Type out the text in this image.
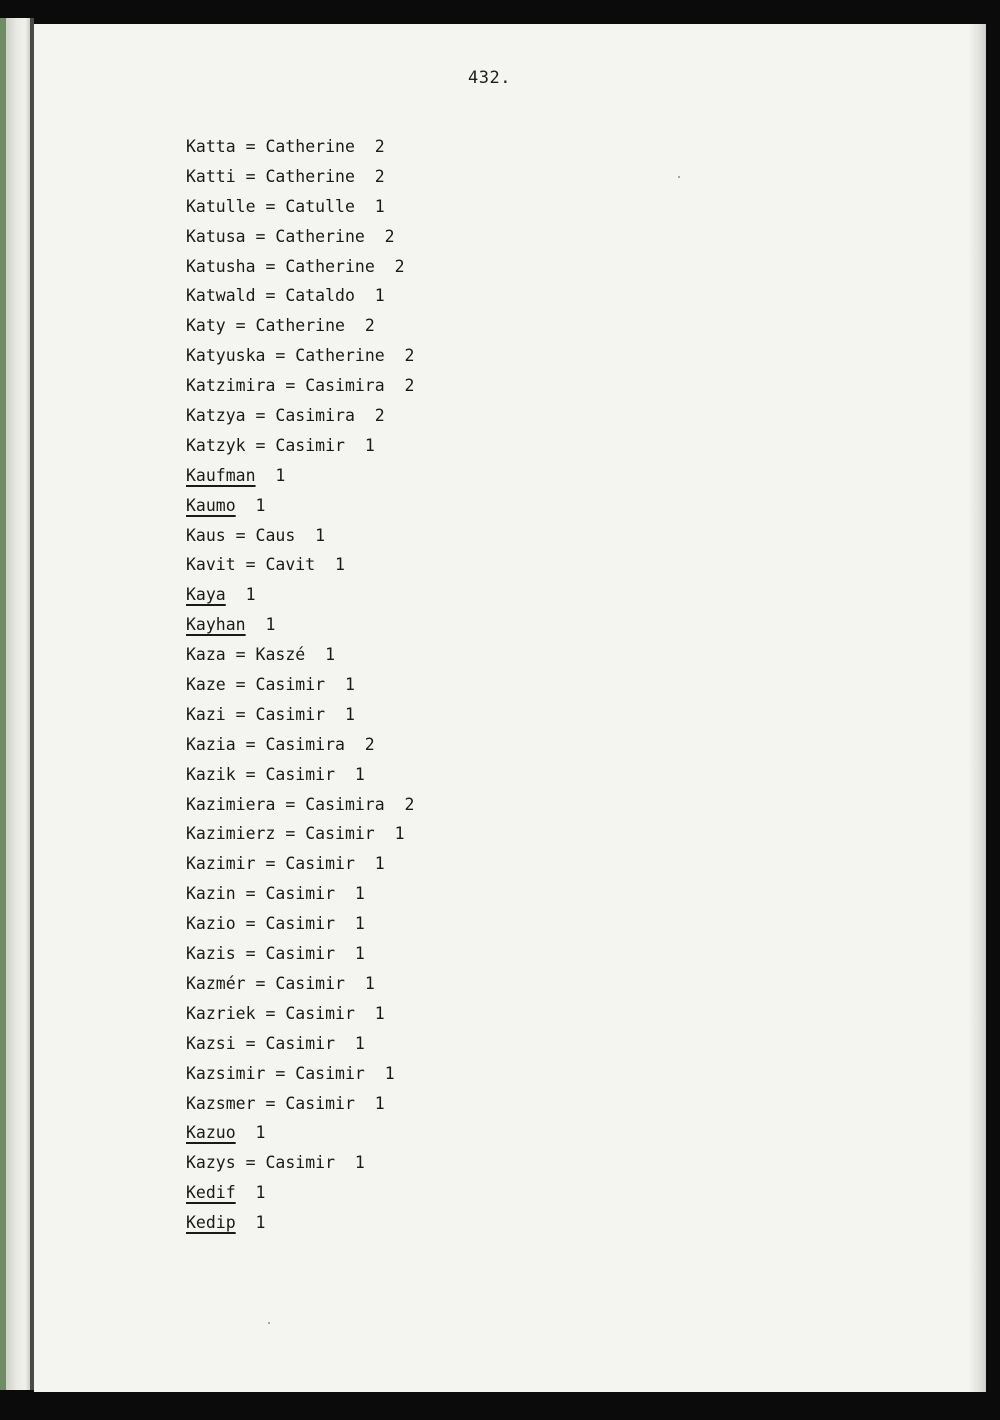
432.
Katta = Catherine  2
Katti = Catherine  2
Katulle = Catulle  1
Katusa = Catherine  2
Katusha = Catherine  2
Katwald = Cataldo  1
Katy = Catherine  2
Katyuska = Catherine  2
Katzimira = Casimira  2
Katzya = Casimira  2
Katzyk = Casimir  1
Kaufman  1
Kaumo  1
Kaus = Caus  1
Kavit = Cavit  1
Kaya  1
Kayhan  1
Kaza = Kaszé  1
Kaze = Casimir  1
Kazi = Casimir  1
Kazia = Casimira  2
Kazik = Casimir  1
Kazimiera = Casimira  2
Kazimierz = Casimir  1
Kazimir = Casimir  1
Kazin = Casimir  1
Kazio = Casimir  1
Kazis = Casimir  1
Kazmér = Casimir  1
Kazriek = Casimir  1
Kazsi = Casimir  1
Kazsimir = Casimir  1
Kazsmer = Casimir  1
Kazuo  1
Kazys = Casimir  1
Kedif  1
Kedip  1
